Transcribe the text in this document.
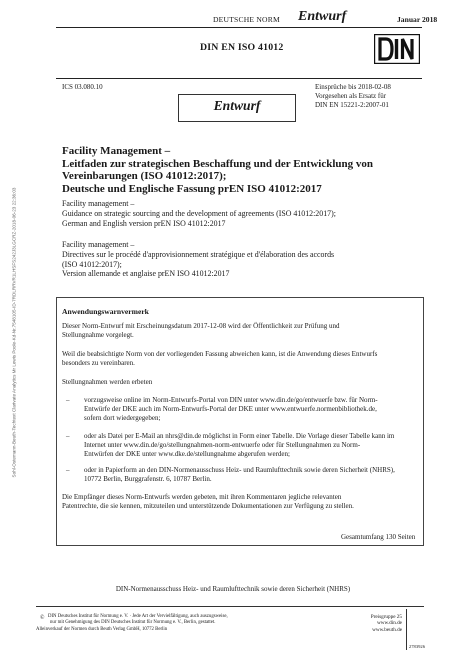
Sohl-Ostemann-Beuth-Techtext Clarivate Analytics Mr Lewis Poole-Kd-Nr.7548105-ID-7RDLRRVR1LHSFS242J3LGCRZ-2018-06-23 22:36:03
DEUTSCHE NORM Entwurf	Januar 2018
DIN EN ISO 41012
DIN
ICS 03.080.10	Einsprüche bis 2018-02-08
Vorgesehen als Ersatz für
DIN EN 15221-2:2007-01
Entwurf
Facility Management –
Leitfaden zur strategischen Beschaffung und der Entwicklung von
Vereinbarungen (ISO 41012:2017);
Deutsche und Englische Fassung prEN ISO 41012:2017
Facility management –
Guidance on strategic sourcing and the development of agreements (ISO 41012:2017);
German and English version prEN ISO 41012:2017
Facility management –
Directives sur le procédé d'approvisionnement stratégique et d'élaboration des accords
(ISO 41012:2017);
Version allemande et anglaise prEN ISO 41012:2017
Anwendungswarnvermerk
Dieser Norm-Entwurf mit Erscheinungsdatum 2017-12-08 wird der Öffentlichkeit zur Prüfung und
Stellungnahme vorgelegt.
Weil die beabsichtigte Norm von der vorliegenden Fassung abweichen kann, ist die Anwendung dieses Entwurfs
besonders zu vereinbaren.
Stellungnahmen werden erbeten
– vorzugsweise online im Norm-Entwurfs-Portal von DIN unter www.din.de/go/entwuerfe bzw. für Norm-
Entwürfe der DKE auch im Norm-Entwurfs-Portal der DKE unter www.entwuerfe.normenbibliothek.de,
sofern dort wiedergegeben;
– oder als Datei per E-Mail an nhrs@din.de möglichst in Form einer Tabelle. Die Vorlage dieser Tabelle kann im
Internet unter www.din.de/go/stellungnahmen-norm-entwuerfe oder für Stellungnahmen zu Norm-
Entwürfen der DKE unter www.dke.de/stellungnahme abgerufen werden;
– oder in Papierform an den DIN-Normenausschuss Heiz- und Raumlufttechnik sowie deren Sicherheit (NHRS),
10772 Berlin, Burggrafenstr. 6, 10787 Berlin.
Die Empfänger dieses Norm-Entwurfs werden gebeten, mit ihren Kommentaren jegliche relevanten
Patentrechte, die sie kennen, mitzuteilen und unterstützende Dokumentationen zur Verfügung zu stellen.
Gesamtumfang 130 Seiten
DIN-Normenausschuss Heiz- und Raumlufttechnik sowie deren Sicherheit (NHRS)
© DIN Deutsches Institut für Normung e. V. · Jede Art der Vervielfältigung, auch auszugsweise,
nur mit Genehmigung des DIN Deutsches Institut für Normung e. V., Berlin, gestattet.
Alleinverkauf der Normen durch Beuth Verlag GmbH, 10772 Berlin
Preisgruppe 25
www.din.de
www.beuth.de
2783926
